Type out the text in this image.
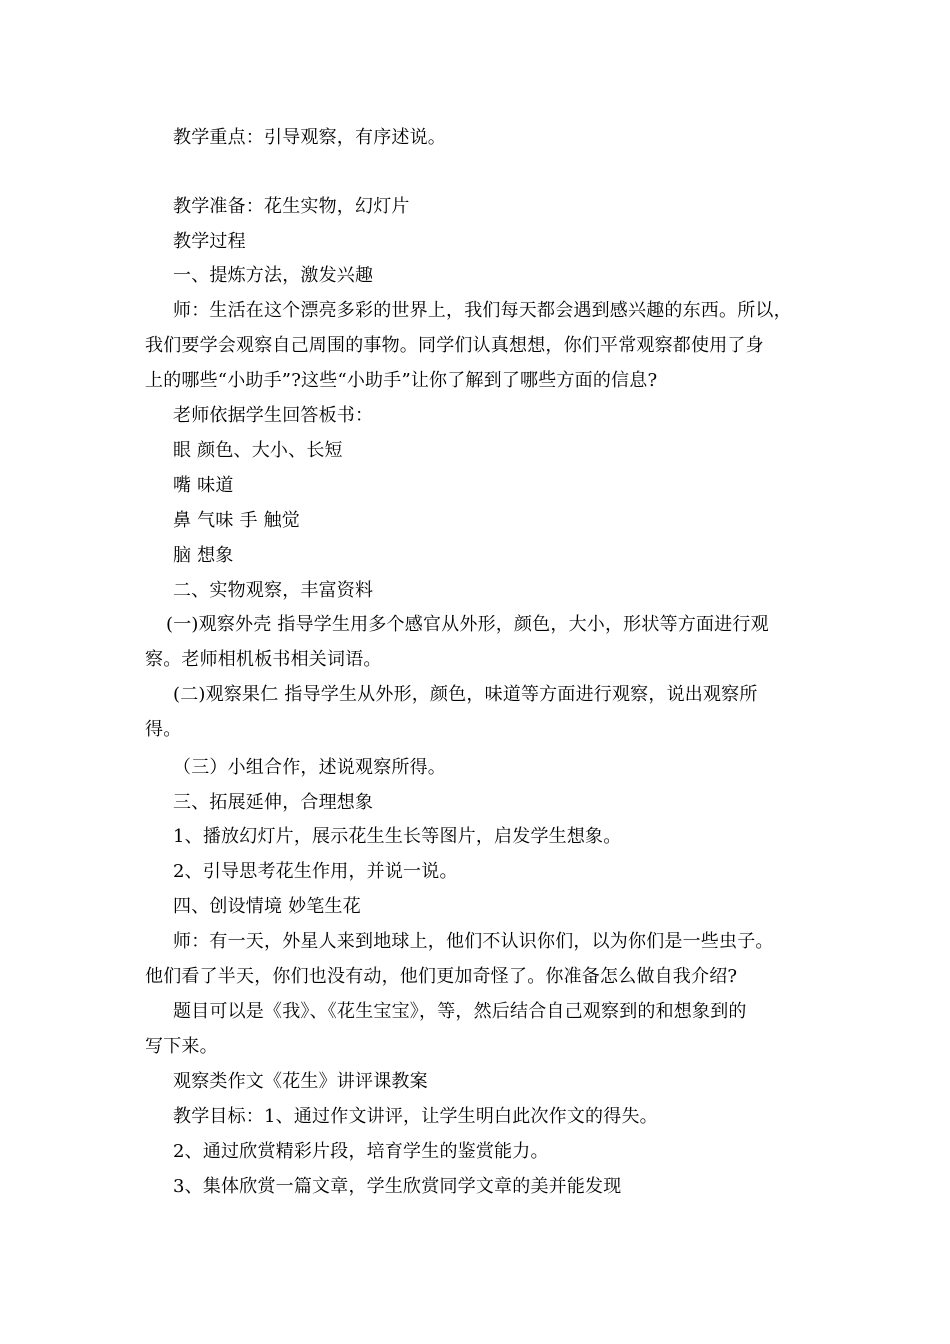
教学重点：引导观察，有序述说。
教学准备：花生实物，幻灯片
教学过程
一、提炼方法，激发兴趣
师：生活在这个漂亮多彩的世界上，我们每天都会遇到感兴趣的东西。所以，
我们要学会观察自己周围的事物。同学们认真想想，你们平常观察都使用了身
上的哪些“小助手”?这些“小助手”让你了解到了哪些方面的信息?
老师依据学生回答板书：
眼 颜色、大小、长短
嘴 味道
鼻 气味 手 触觉
脑 想象
二、实物观察，丰富资料
(一)观察外壳 指导学生用多个感官从外形，颜色，大小，形状等方面进行观
察。老师相机板书相关词语。
(二)观察果仁 指导学生从外形，颜色，味道等方面进行观察，说出观察所
得。
（三）小组合作，述说观察所得。
三、拓展延伸，合理想象
1、播放幻灯片，展示花生生长等图片，启发学生想象。
2、引导思考花生作用，并说一说。
四、创设情境 妙笔生花
师：有一天，外星人来到地球上，他们不认识你们，以为你们是一些虫子。
他们看了半天，你们也没有动，他们更加奇怪了。你准备怎么做自我介绍?
题目可以是《我》、《花生宝宝》，等，然后结合自己观察到的和想象到的
写下来。
观察类作文《花生》讲评课教案
教学目标：1、通过作文讲评，让学生明白此次作文的得失。
2、通过欣赏精彩片段，培育学生的鉴赏能力。
3、集体欣赏一篇文章，学生欣赏同学文章的美并能发现
